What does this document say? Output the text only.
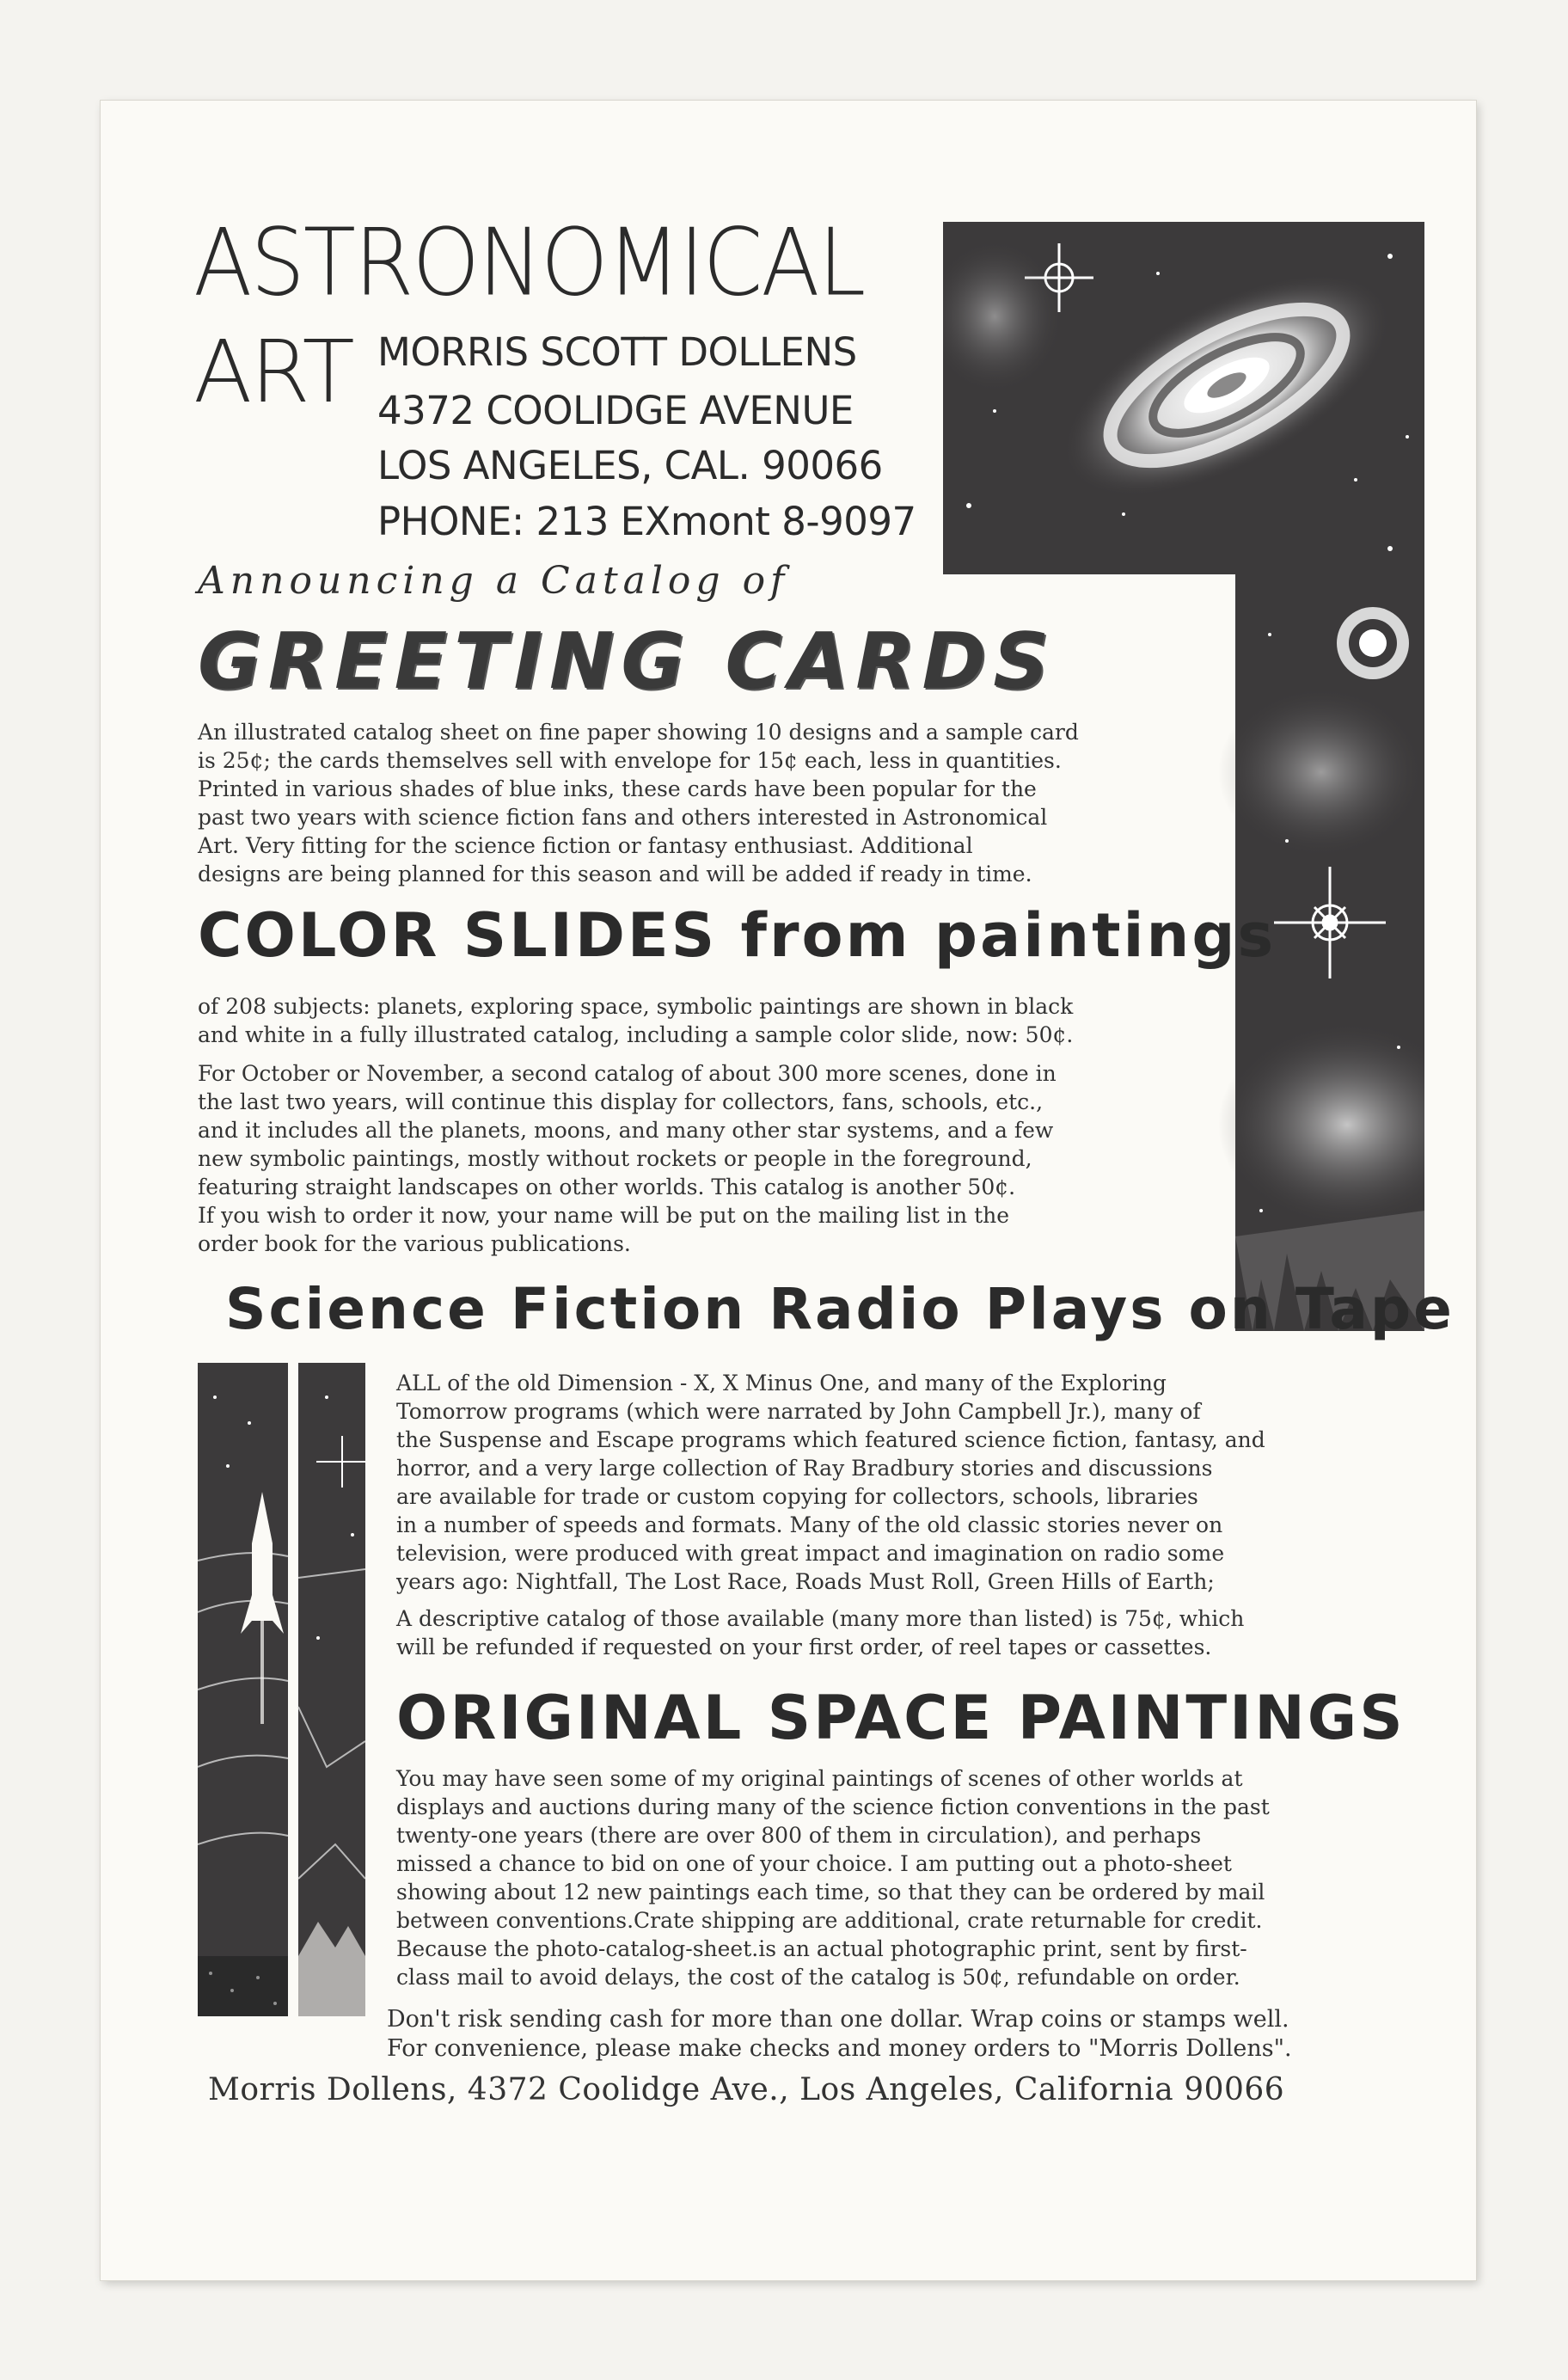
ASTRONOMICAL
ART MORRIS SCOTT DOLLENS
4372 COOLIDGE AVENUE
LOS ANGELES, CAL. 90066
PHONE: 213 EXmont 8-9097
Announcing a Catalog of
GREETING CARDS

An illustrated catalog sheet on fine paper showing 10 designs and a sample card

is 25¢; the cards themselves sell with envelope for 15¢ each, less in quantities.

Printed in various shades of blue inks, these cards have been popular for the

past two years with science fiction fans and others interested in Astronomical

Art. Very fitting for the science fiction or fantasy enthusiast. Additional

designs are being planned for this season and will be added if ready in time.

COLOR SLIDES from paintings

of 208 subjects: planets, exploring space, symbolic paintings are shown in black

and white in a fully illustrated catalog, including a sample color slide, now: 50¢.

For October or November, a second catalog of about 300 more scenes, done in

the last two years, will continue this display for collectors, fans, schools, etc.,

and it includes all the planets, moons, and many other star systems, and a few

new symbolic paintings, mostly without rockets or people in the foreground,

featuring straight landscapes on other worlds. This catalog is another 50¢.

If you wish to order it now, your name will be put on the mailing list in the

order book for the various publications.

Science Fiction Radio Plays on Tape

ALL of the old Dimension - X, X Minus One, and many of the Exploring

Tomorrow programs (which were narrated by John Campbell Jr.), many of

the Suspense and Escape programs which featured science fiction, fantasy, and

horror, and a very large collection of Ray Bradbury stories and discussions

are available for trade or custom copying for collectors, schools, libraries

in a number of speeds and formats. Many of the old classic stories never on

television, were produced with great impact and imagination on radio some

years ago: Nightfall, The Lost Race, Roads Must Roll, Green Hills of Earth;

A descriptive catalog of those available (many more than listed) is 75¢, which

will be refunded if requested on your first order, of reel tapes or cassettes.

ORIGINAL SPACE PAINTINGS

You may have seen some of my original paintings of scenes of other worlds at

displays and auctions during many of the science fiction conventions in the past

twenty-one years (there are over 800 of them in circulation), and perhaps

missed a chance to bid on one of your choice. I am putting out a photo-sheet

showing about 12 new paintings each time, so that they can be ordered by mail

between conventions.Crate shipping are additional, crate returnable for credit.

Because the photo-catalog-sheet.is an actual photographic print, sent by first-

class mail to avoid delays, the cost of the catalog is 50¢, refundable on order.

Don't risk sending cash for more than one dollar. Wrap coins or stamps well.

For convenience, please make checks and money orders to "Morris Dollens".

Morris Dollens, 4372 Coolidge Ave., Los Angeles, California 90066
